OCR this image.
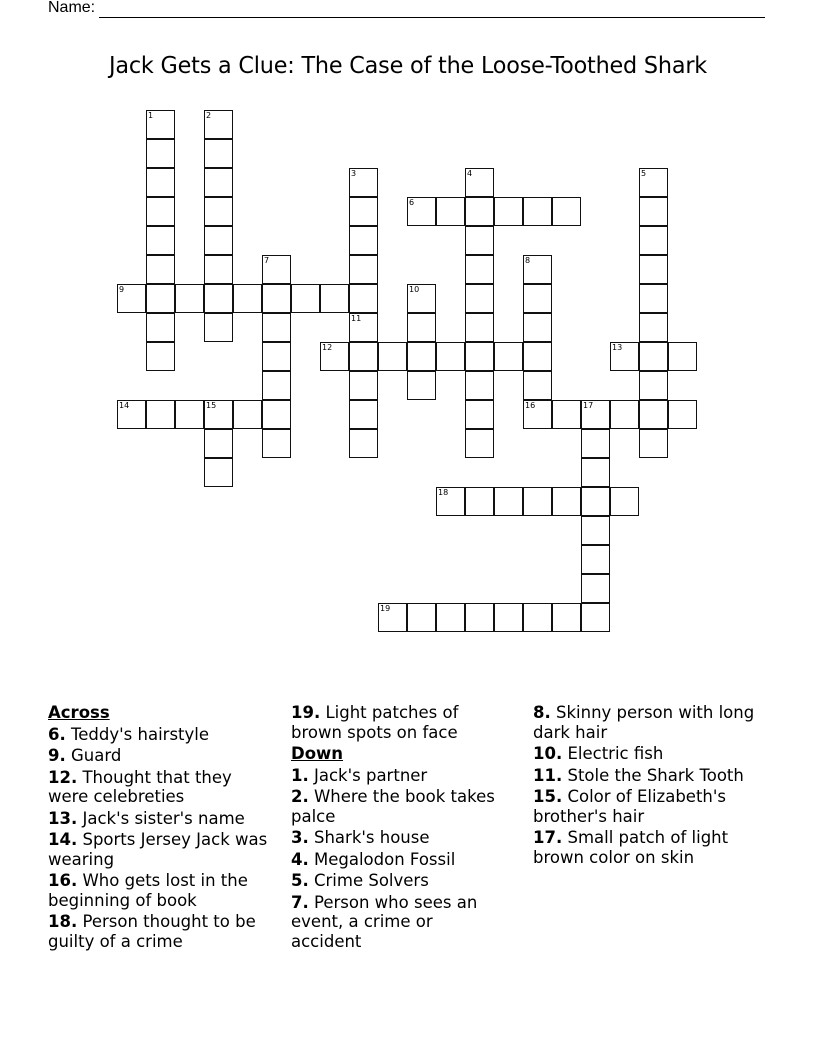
Name:
Jack Gets a Clue: The Case of the Loose-Toothed Shark
1	2
3	4	5
6
7	8
16
9	10
11
12	13
14	15	17
18
19
Across
6. Teddy's hairstyle
9. Guard
12. Thought that they were celebreties
13. Jack's sister's name
14. Sports Jersey Jack was wearing
16. Who gets lost in the beginning of book
18. Person thought to be guilty of a crime
19. Light patches of brown spots on face
Down
1. Jack's partner
2. Where the book takes palce
3. Shark's house
4. Megalodon Fossil
5. Crime Solvers
7. Person who sees an event, a crime or accident
8. Skinny person with long dark hair
10. Electric fish
11. Stole the Shark Tooth
15. Color of Elizabeth's brother's hair
17. Small patch of light brown color on skin
